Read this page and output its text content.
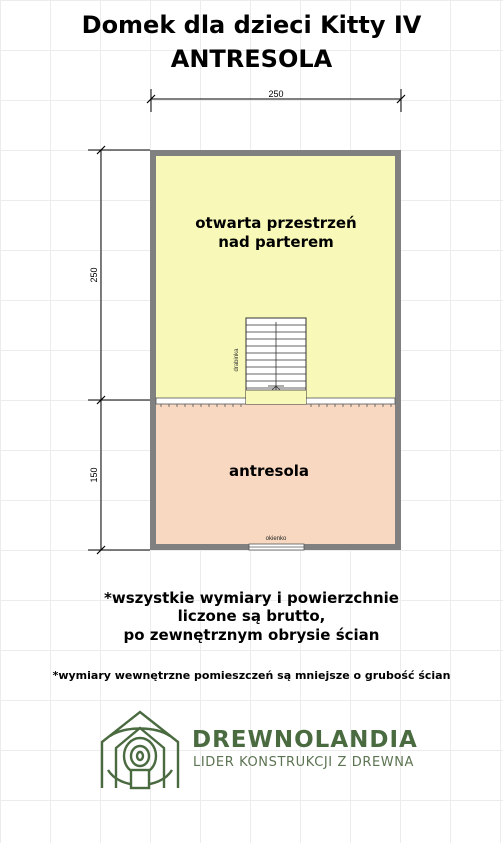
Domek dla dzieci Kitty IV
ANTRESOLA
250
250
150
drabinka
okienko
otwarta przestrzeń
nad parterem
antresola
*wszystkie wymiary i powierzchnie
liczone są brutto,
po zewnętrznym obrysie ścian
*wymiary wewnętrzne pomieszczeń są mniejsze o grubość ścian
DREWNOLANDIA
LIDER KONSTRUKCJI Z DREWNA
